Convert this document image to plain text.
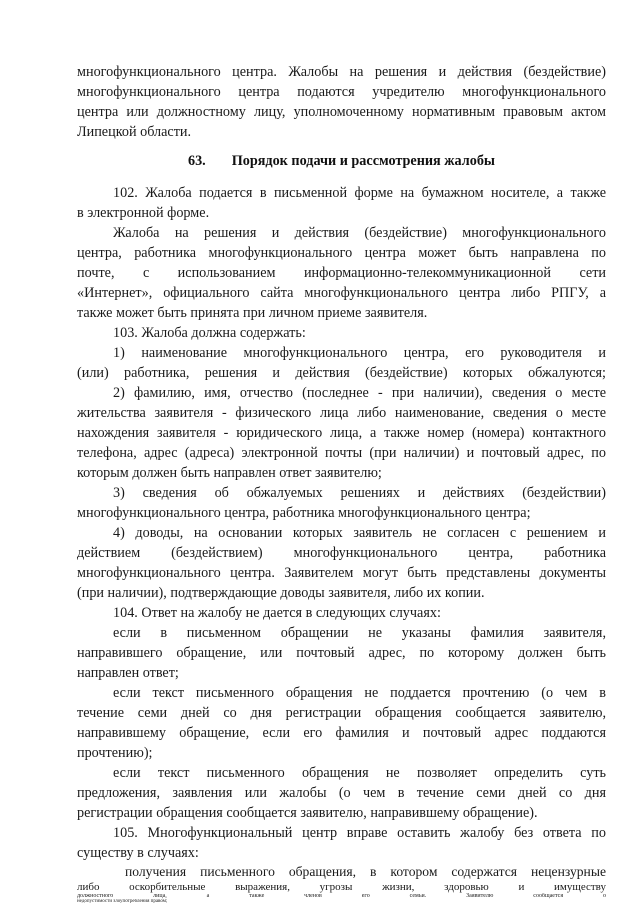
многофункционального центра. Жалобы на решения и действия (бездействие)
многофункционального центра подаются учредителю многофункционального
центра или должностному лицу, уполномоченному нормативным правовым актом
Липецкой области.
63. Порядок подачи и рассмотрения жалобы
102. Жалоба подается в письменной форме на бумажном носителе, а также
в электронной форме.
Жалоба на решения и действия (бездействие) многофункционального
центра, работника многофункционального центра может быть направлена по
почте, с использованием информационно-телекоммуникационной сети
«Интернет», официального сайта многофункционального центра либо РПГУ, а
также может быть принята при личном приеме заявителя.
103. Жалоба должна содержать:
1) наименование многофункционального центра, его руководителя и
(или) работника, решения и действия (бездействие) которых обжалуются;
2) фамилию, имя, отчество (последнее - при наличии), сведения о месте
жительства заявителя - физического лица либо наименование, сведения о месте
нахождения заявителя - юридического лица, а также номер (номера) контактного
телефона, адрес (адреса) электронной почты (при наличии) и почтовый адрес, по
которым должен быть направлен ответ заявителю;
3) сведения об обжалуемых решениях и действиях (бездействии)
многофункционального центра, работника многофункционального центра;
4) доводы, на основании которых заявитель не согласен с решением и
действием (бездействием) многофункционального центра, работника
многофункционального центра. Заявителем могут быть представлены документы
(при наличии), подтверждающие доводы заявителя, либо их копии.
104. Ответ на жалобу не дается в следующих случаях:
если в письменном обращении не указаны фамилия заявителя,
направившего обращение, или почтовый адрес, по которому должен быть
направлен ответ;
если текст письменного обращения не поддается прочтению (о чем в
течение семи дней со дня регистрации обращения сообщается заявителю,
направившему обращение, если его фамилия и почтовый адрес поддаются
прочтению);
если текст письменного обращения не позволяет определить суть
предложения, заявления или жалобы (о чем в течение семи дней со дня
регистрации обращения сообщается заявителю, направившему обращение).
105. Многофункциональный центр вправе оставить жалобу без ответа по
существу в случаях:
получения письменного обращения, в котором содержатся нецензурные
либо оскорбительные выражения, угрозы жизни, здоровью и имуществу
должностного лица, а также членов его семьи. Заявителю сообщается о
недопустимости злоупотребления правом;
